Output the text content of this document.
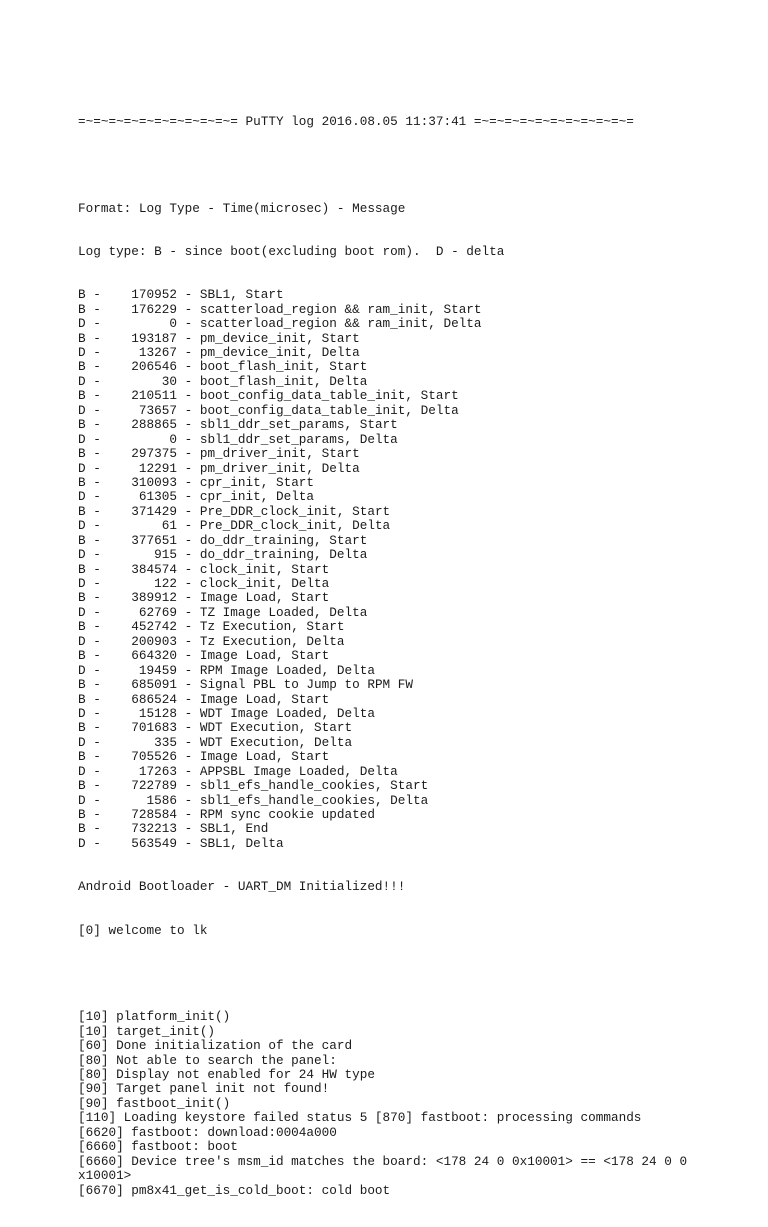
=~=~=~=~=~=~=~=~=~=~= PuTTY log 2016.08.05 11:37:41 =~=~=~=~=~=~=~=~=~=~=

Format: Log Type - Time(microsec) - Message

Log type: B - since boot(excluding boot rom).  D - delta

B - 170952 - SBL1, Start
B - 176229 - scatterload_region && ram_init, Start
D -	0 - scatterload_region && ram_init, Delta
B - 193187 - pm_device_init, Start
D -	13267 - pm_device_init, Delta
B - 206546 - boot_flash_init, Start
D -	30 - boot_flash_init, Delta
B - 210511 - boot_config_data_table_init, Start
D -	73657 - boot_config_data_table_init, Delta
B - 288865 - sbl1_ddr_set_params, Start
D -	0 - sbl1_ddr_set_params, Delta
B - 297375 - pm_driver_init, Start
D -	12291 - pm_driver_init, Delta
B - 310093 - cpr_init, Start
D -	61305 - cpr_init, Delta
B - 371429 - Pre_DDR_clock_init, Start
D -	61 - Pre_DDR_clock_init, Delta
B - 377651 - do_ddr_training, Start
D -	915 - do_ddr_training, Delta
B - 384574 - clock_init, Start
D -	122 - clock_init, Delta
B - 389912 - Image Load, Start
D -	62769 - TZ Image Loaded, Delta
B - 452742 - Tz Execution, Start
D - 200903 - Tz Execution, Delta
B - 664320 - Image Load, Start
D -	19459 - RPM Image Loaded, Delta
B - 685091 - Signal PBL to Jump to RPM FW
B - 686524 - Image Load, Start
D -	15128 - WDT Image Loaded, Delta
B - 701683 - WDT Execution, Start
D -	335 - WDT Execution, Delta
B - 705526 - Image Load, Start
D -	17263 - APPSBL Image Loaded, Delta
B - 722789 - sbl1_efs_handle_cookies, Start
D -	1586 - sbl1_efs_handle_cookies, Delta
B - 728584 - RPM sync cookie updated
B - 732213 - SBL1, End
D - 563549 - SBL1, Delta

Android Bootloader - UART_DM Initialized!!!

[0] welcome to lk

[10] platform_init()
[10] target_init()
[60] Done initialization of the card
[80] Not able to search the panel:
[80] Display not enabled for 24 HW type
[90] Target panel init not found!
[90] fastboot_init()
[110] Loading keystore failed status 5 [870] fastboot: processing commands
[6620] fastboot: download:0004a000
[6660] fastboot: boot
[6660] Device tree's msm_id matches the board: <178 24 0 0x10001> == <178 24 0 0
x10001>
[6670] pm8x41_get_is_cold_boot: cold boot
